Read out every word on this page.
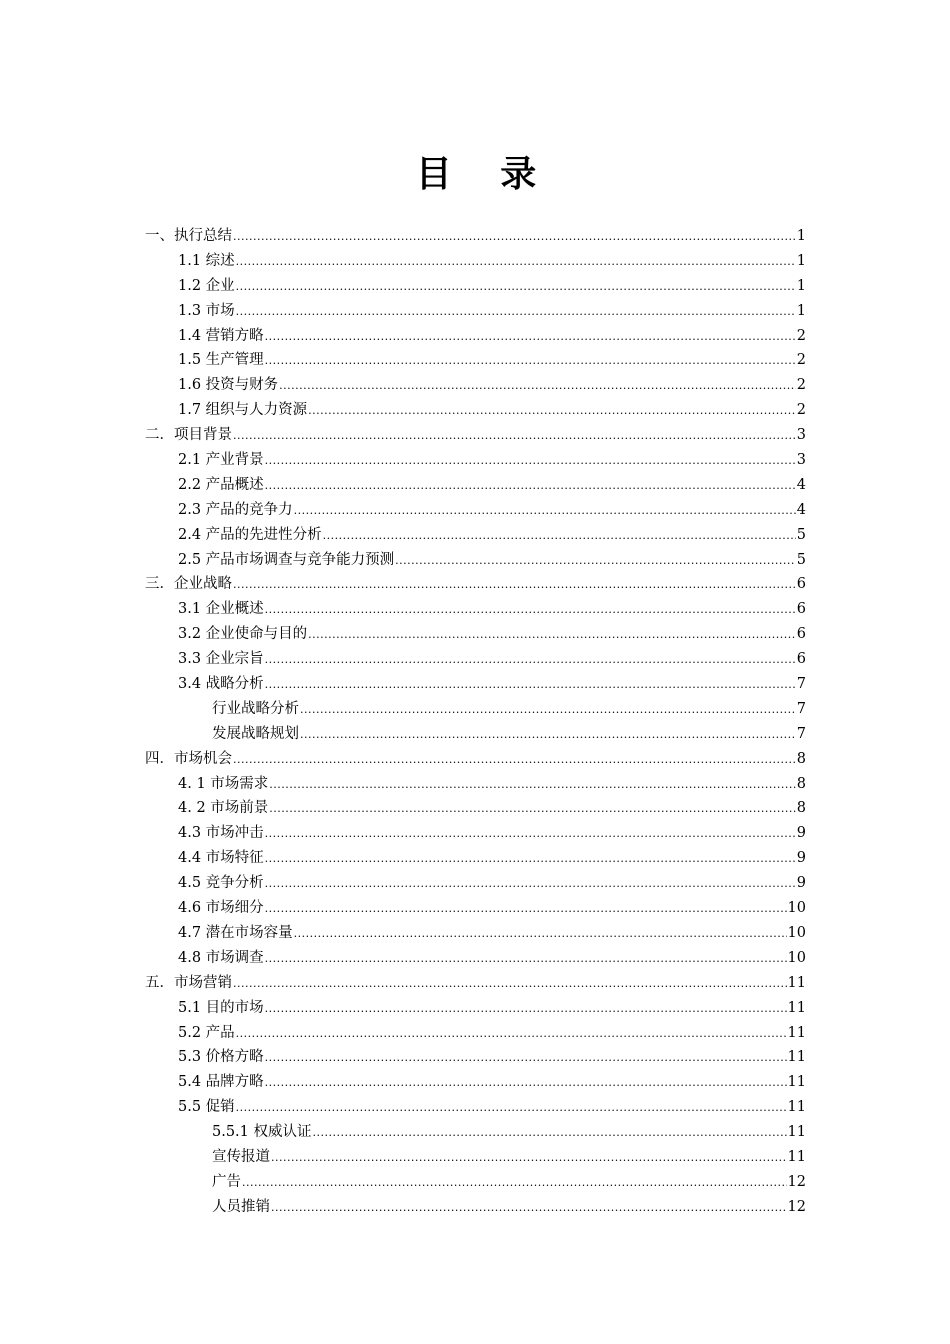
目 录
一、执行总结 .....	1
1.1 综述 .....	1
1.2 企业 .....	1
1.3 市场 .....	1
1.4 营销方略 .....	2
1.5 生产管理 .....	2
1.6 投资与财务 .....	2
1.7 组织与人力资源 .....	2
二．项目背景 .....	3
2.1 产业背景 .....	3
2.2 产品概述 .....	4
2.3 产品的竞争力 .....	4
2.4 产品的先进性分析 .....	5
2.5 产品市场调查与竞争能力预测 .....	5
三．企业战略 .....	6
3.1 企业概述 .....	6
3.2 企业使命与目的 .....	6
3.3 企业宗旨 .....	6
3.4 战略分析 .....	7
行业战略分析 .....	7
发展战略规划 .....	7
四．市场机会 .....	8
4. 1 市场需求 .....	8
4. 2 市场前景 .....	8
4.3 市场冲击 .....	9
4.4 市场特征 .....	9
4.5 竞争分析 .....	9
4.6 市场细分 .....	10
4.7 潜在市场容量 .....	10
4.8 市场调查 .....	10
五．市场营销 .....	11
5.1 目的市场 .....	11
5.2 产品 .....	11
5.3 价格方略 .....	11
5.4 品牌方略 .....	11
5.5 促销 .....	11
5.5.1 权威认证 .....	11
宣传报道 .....	11
广告 .....	12
人员推销 .....	12
